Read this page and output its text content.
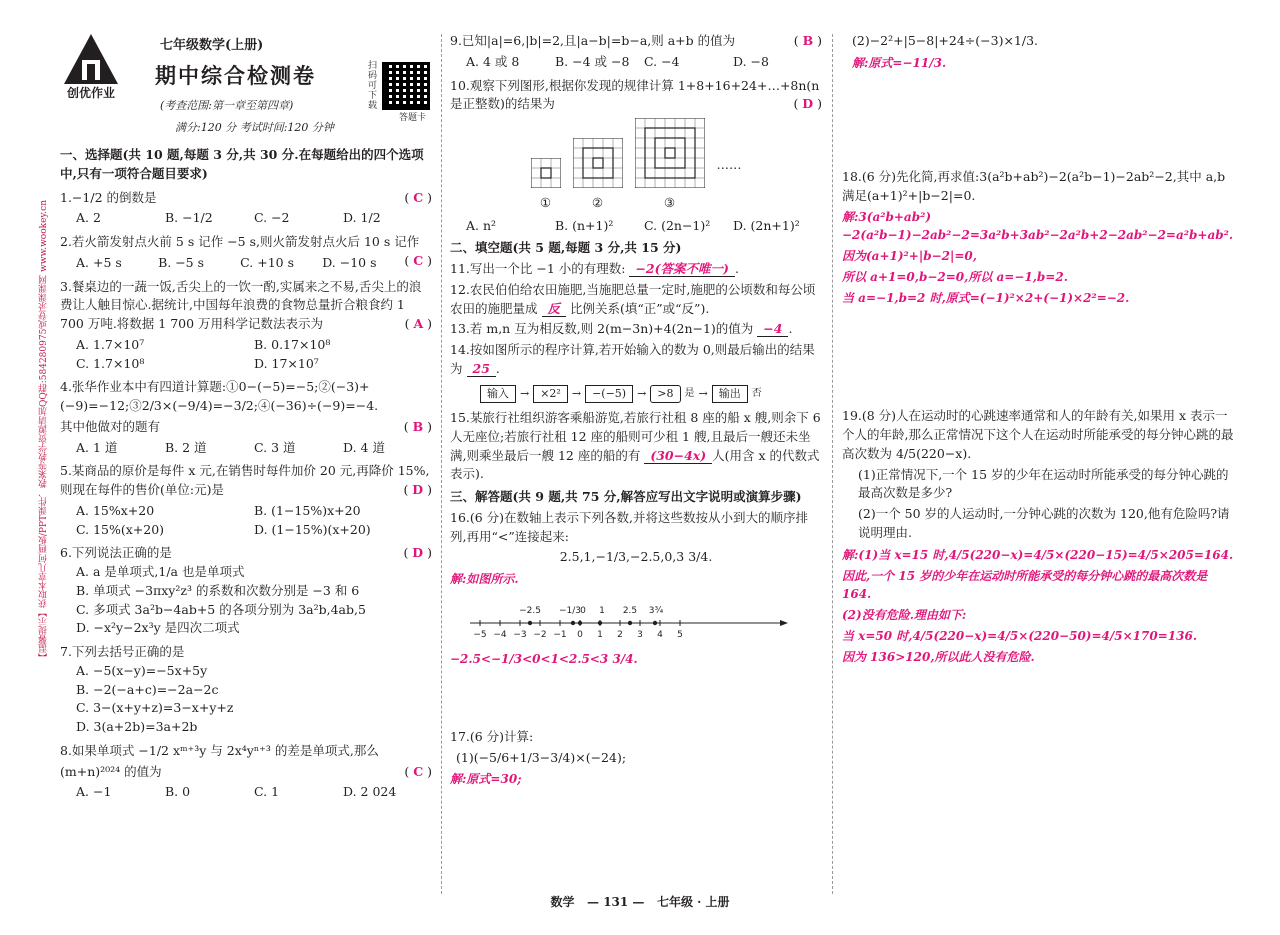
【温馨提示】获取本章几何画板/PPT课件、教案等教学资源请加QQ群:584280975或登录课课网 www.wookey.cn
创优作业
七年级数学(上册)
期中综合检测卷
(考查范围:第一章至第四章)
满分:120 分 考试时间:120 分钟
扫码可下载
答题卡
一、选择题(共 10 题,每题 3 分,共 30 分.在每题给出的四个选项中,只有一项符合题目要求)
1.−1/2 的倒数是	( C )
A. 2	B. −1/2	C. −2	D. 1/2
2.若火箭发射点火前 5 s 记作 −5 s,则火箭发射点火后 10 s 记作
( C )
A. +5 s	B. −5 s	C. +10 s	D. −10 s
3.餐桌边的一蔬一饭,舌尖上的一饮一酌,实属来之不易,舌尖上的浪费让人触目惊心.据统计,中国每年浪费的食物总量折合粮食约 1 700 万吨.将数据 1 700 万用科学记数法表示为	( A )
A. 1.7×10⁷	B. 0.17×10⁸
C. 1.7×10⁸	D. 17×10⁷
4.张华作业本中有四道计算题:①0−(−5)=−5;②(−3)+(−9)=−12;③2/3×(−9/4)=−3/2;④(−36)÷(−9)=−4.
其中他做对的题有	( B )
A. 1 道	B. 2 道	C. 3 道	D. 4 道
5.某商品的原价是每件 x 元,在销售时每件加价 20 元,再降价 15%,则现在每件的售价(单位:元)是	( D )
A. 15%x+20	B. (1−15%)x+20
C. 15%(x+20)	D. (1−15%)(x+20)
6.下列说法正确的是	( D )
A. a 是单项式,1/a 也是单项式
B. 单项式 −3πxy²z³ 的系数和次数分别是 −3 和 6
C. 多项式 3a²b−4ab+5 的各项分别为 3a²b,4ab,5
D. −x²y−2x³y 是四次二项式
7.下列去括号正确的是
A. −5(x−y)=−5x+5y
B. −2(−a+c)=−2a−2c
C. 3−(x+y+z)=3−x+y+z
D. 3(a+2b)=3a+2b
8.如果单项式 −1/2 xᵐ⁺³y 与 2x⁴yⁿ⁺³ 的差是单项式,那么
(m+n)²⁰²⁴ 的值为	( C )
A. −1	B. 0	C. 1	D. 2 024
9.已知|a|=6,|b|=2,且|a−b|=b−a,则 a+b 的值为	( B )
A. 4 或 8	B. −4 或 −8	C. −4	D. −8
10.观察下列图形,根据你发现的规律计算 1+8+16+24+…+8n(n 是正整数)的结果为	( D )
①	②	③
……
A. n²	B. (n+1)²	C. (2n−1)²	D. (2n+1)²
二、填空题(共 5 题,每题 3 分,共 15 分)
11.写出一个比 −1 小的有理数: −2(答案不唯一) .
12.农民伯伯给农田施肥,当施肥总量一定时,施肥的公顷数和每公顷农田的施肥量成 反 比例关系(填“正”或“反”).
13.若 m,n 互为相反数,则 2(m−3n)+4(2n−1)的值为 −4 .
14.按如图所示的程序计算,若开始输入的数为 0,则最后输出的结果为 25 .
输入	→	×2²	→	−(−5)	→	>8	是 →	输出	否
15.某旅行社组织游客乘船游览,若旅行社租 8 座的船 x 艘,则余下 6 人无座位;若旅行社租 12 座的船则可少租 1 艘,且最后一艘还未坐满,则乘坐最后一艘 12 座的船的有 (30−4x) 人(用含 x 的代数式表示).
三、解答题(共 9 题,共 75 分,解答应写出文字说明或演算步骤)
16.(6 分)在数轴上表示下列各数,并将这些数按从小到大的顺序排列,再用“<”连接起来:
2.5,1,−1/3,−2.5,0,3 3/4.
解:如图所示.
−5 −4 −3 −2 −1 0 1 2 3 4 5
−2.5 −1/3 0 1 2.5 3¾
−2.5<−1/3<0<1<2.5<3 3/4.
17.(6 分)计算:
(1)(−5/6+1/3−3/4)×(−24);
解:原式=30;
(2)−2²+|5−8|+24÷(−3)×1/3.
解:原式=−11/3.
18.(6 分)先化简,再求值:3(a²b+ab²)−2(a²b−1)−2ab²−2,其中 a,b 满足(a+1)²+|b−2|=0.
解:3(a²b+ab²)−2(a²b−1)−2ab²−2=3a²b+3ab²−2a²b+2−2ab²−2=a²b+ab².
因为(a+1)²+|b−2|=0,
所以 a+1=0,b−2=0,所以 a=−1,b=2.
当 a=−1,b=2 时,原式=(−1)²×2+(−1)×2²=−2.
19.(8 分)人在运动时的心跳速率通常和人的年龄有关,如果用 x 表示一个人的年龄,那么正常情况下这个人在运动时所能承受的每分钟心跳的最高次数为 4/5(220−x).
(1)正常情况下,一个 15 岁的少年在运动时所能承受的每分钟心跳的最高次数是多少?
(2)一个 50 岁的人运动时,一分钟心跳的次数为 120,他有危险吗?请说明理由.
解:(1)当 x=15 时,4/5(220−x)=4/5×(220−15)=4/5×205=164.
因此,一个 15 岁的少年在运动时所能承受的每分钟心跳的最高次数是 164.
(2)没有危险.理由如下:
当 x=50 时,4/5(220−x)=4/5×(220−50)=4/5×170=136.
因为 136>120,所以此人没有危险.
数学 — 131 — 七年级 · 上册
